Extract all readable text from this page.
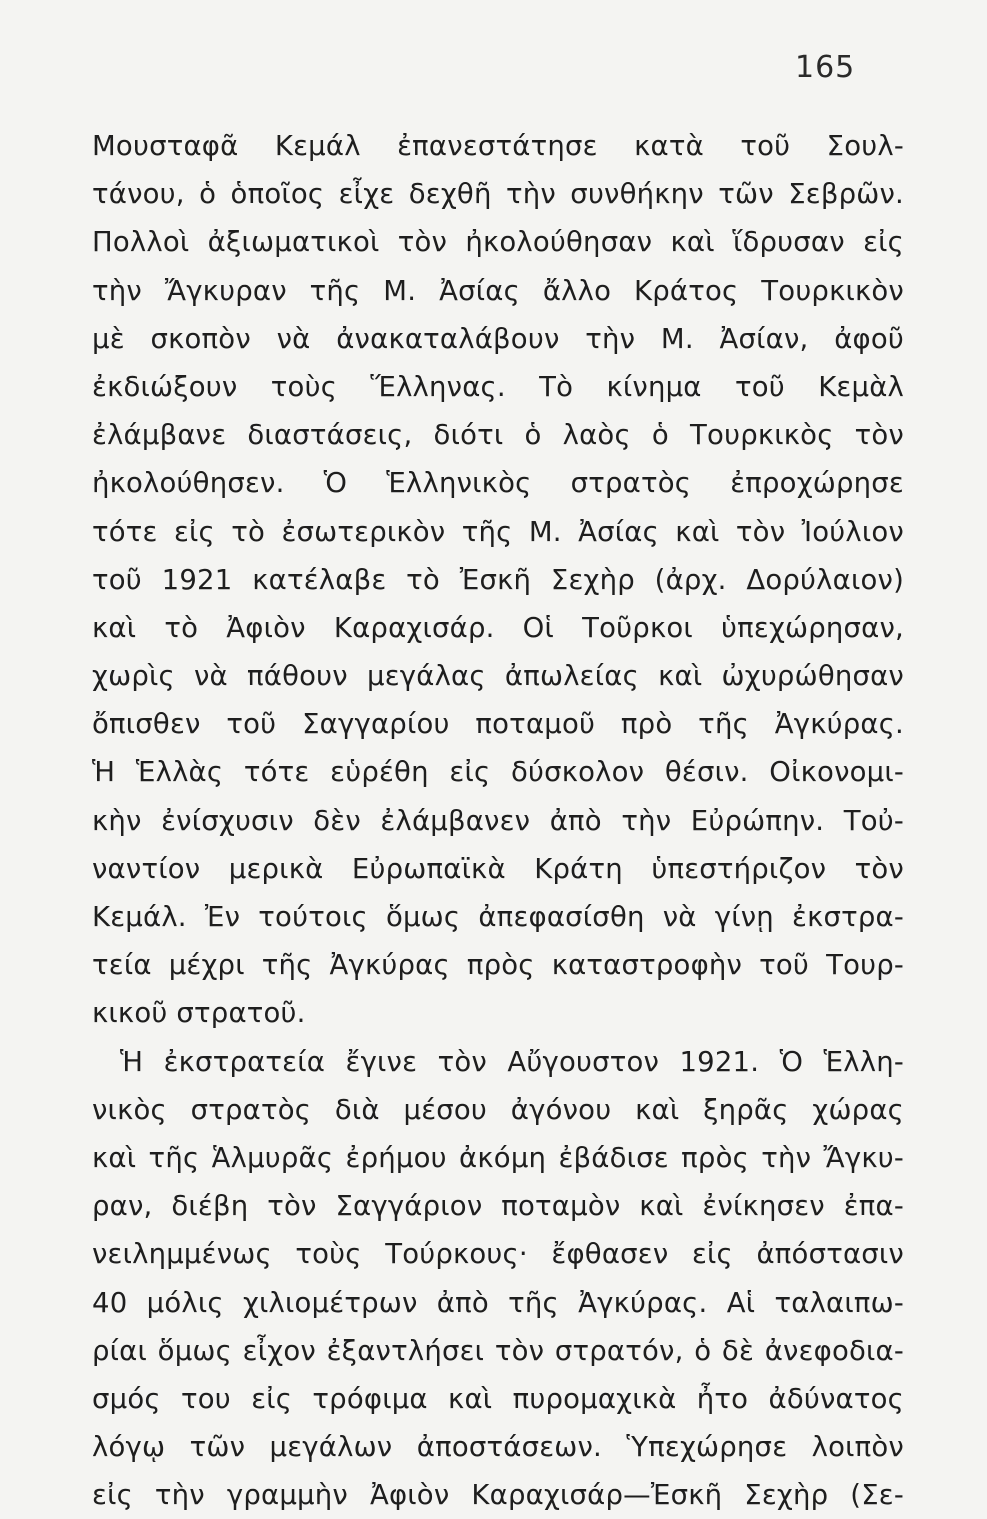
165
Μουσταφᾶ Κεμάλ ἐπανεστάτησε κατὰ τοῦ Σουλ-
τάνου, ὁ ὁποῖος εἶχε δεχθῆ τὴν συνθήκην τῶν Σεβρῶν.
Πολλοὶ ἀξιωματικοὶ τὸν ἠκολούθησαν καὶ ἵδρυσαν εἰς
τὴν Ἄγκυραν τῆς Μ. Ἀσίας ἄλλο Κράτος Τουρκικὸν
μὲ σκοπὸν νὰ ἀνακαταλάβουν τὴν Μ. Ἀσίαν, ἀφοῦ
ἐκδιώξουν τοὺς Ἕλληνας. Τὸ κίνημα τοῦ Κεμὰλ
ἐλάμβανε διαστάσεις, διότι ὁ λαὸς ὁ Τουρκικὸς τὸν
ἠκολούθησεν. Ὁ Ἑλληνικὸς στρατὸς ἐπροχώρησε
τότε εἰς τὸ ἐσωτερικὸν τῆς Μ. Ἀσίας καὶ τὸν Ἰούλιον
τοῦ 1921 κατέλαβε τὸ Ἐσκῆ Σεχὴρ (ἀρχ. Δορύλαιον)
καὶ τὸ Ἀφιὸν Καραχισάρ. Οἱ Τοῦρκοι ὑπεχώρησαν,
χωρὶς νὰ πάθουν μεγάλας ἀπωλείας καὶ ὠχυρώθησαν
ὄπισθεν τοῦ Σαγγαρίου ποταμοῦ πρὸ τῆς Ἀγκύρας.
Ἡ Ἑλλὰς τότε εὑρέθη εἰς δύσκολον θέσιν. Οἰκονομι-
κὴν ἐνίσχυσιν δὲν ἐλάμβανεν ἀπὸ τὴν Εὐρώπην. Τοὐ-
ναντίον μερικὰ Εὐρωπαϊκὰ Κράτη ὑπεστήριζον τὸν
Κεμάλ. Ἐν τούτοις ὅμως ἀπεφασίσθη νὰ γίνῃ ἐκστρα-
τεία μέχρι τῆς Ἀγκύρας πρὸς καταστροφὴν τοῦ Τουρ-
κικοῦ στρατοῦ.
Ἡ ἐκστρατεία ἔγινε τὸν Αὔγουστον 1921. Ὁ Ἑλλη-
νικὸς στρατὸς διὰ μέσου ἀγόνου καὶ ξηρᾶς χώρας
καὶ τῆς Ἁλμυρᾶς ἐρήμου ἀκόμη ἐβάδισε πρὸς τὴν Ἄγκυ-
ραν, διέβη τὸν Σαγγάριον ποταμὸν καὶ ἐνίκησεν ἐπα-
νειλημμένως τοὺς Τούρκους· ἔφθασεν εἰς ἀπόστασιν
40 μόλις χιλιομέτρων ἀπὸ τῆς Ἀγκύρας. Αἱ ταλαιπω-
ρίαι ὅμως εἶχον ἐξαντλήσει τὸν στρατόν, ὁ δὲ ἀνεφοδια-
σμός του εἰς τρόφιμα καὶ πυρομαχικὰ ἦτο ἀδύνατος
λόγῳ τῶν μεγάλων ἀποστάσεων. Ὑπεχώρησε λοιπὸν
εἰς τὴν γραμμὴν Ἀφιὸν Καραχισάρ—Ἐσκῆ Σεχὴρ (Σε-
